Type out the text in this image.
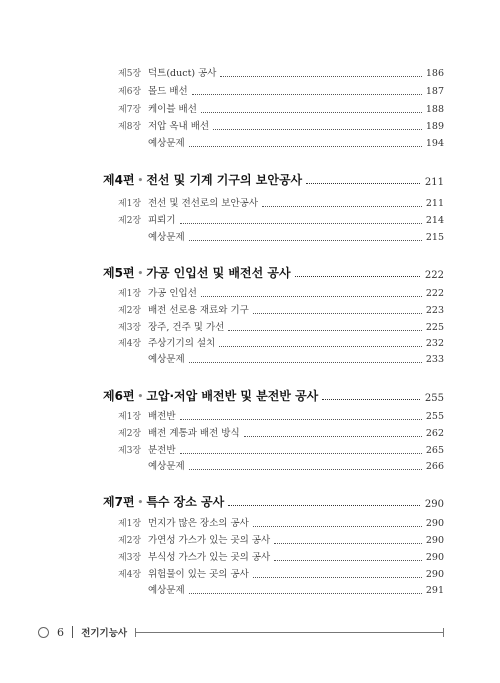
제5장 덕트(duct) 공사	186
제6장 몰드 배선	187
제7장 케이블 배선	188
제8장 저압 옥내 배선	189
예상문제	194
제4편 • 전선 및 기계 기구의 보안공사	211
제1장 전선 및 전선로의 보안공사	211
제2장 피뢰기	214
예상문제	215
제5편 • 가공 인입선 및 배전선 공사	222
제1장 가공 인입선	222
제2장 배전 선로용 재료와 기구	223
제3장 장주, 건주 및 가선	225
제4장 주상기기의 설치	232
예상문제	233
제6편 • 고압·저압 배전반 및 분전반 공사	255
제1장 배전반	255
제2장 배전 계통과 배전 방식	262
제3장 분전반	265
예상문제	266
제7편 • 특수 장소 공사	290
제1장 먼지가 많은 장소의 공사	290
제2장 가연성 가스가 있는 곳의 공사	290
제3장 부식성 가스가 있는 곳의 공사	290
제4장 위험물이 있는 곳의 공사	290
예상문제	291
6 전기기능사
